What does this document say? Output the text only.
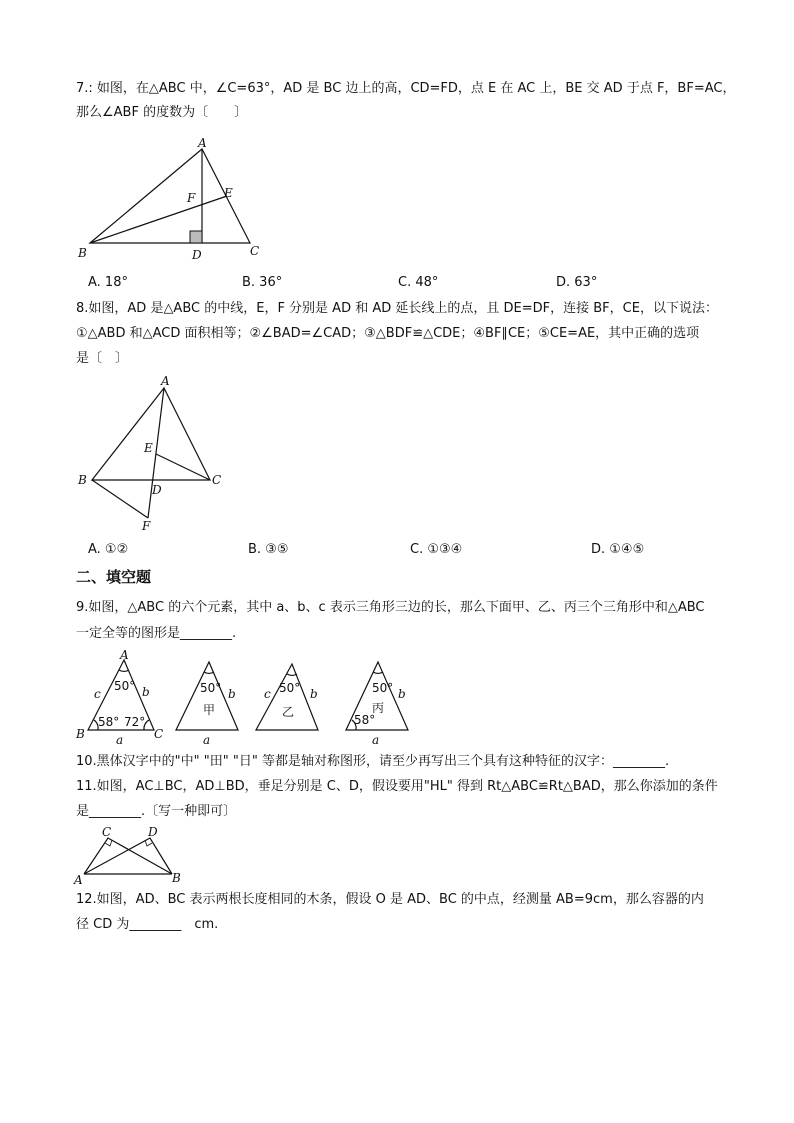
7.: 如图，在△ABC 中，∠C=63°，AD 是 BC 边上的高，CD=FD，点 E 在 AC 上，BE 交 AD 于点 F，BF=AC，
那么∠ABF 的度数为〔　　〕
A
B	C
D
E
F
A. 18°	B. 36°	C. 48°	D. 63°
8.如图，AD 是△ABC 的中线，E，F 分别是 AD 和 AD 延长线上的点，且 DE=DF，连接 BF，CE，以下说法：
①△ABD 和△ACD 面积相等；②∠BAD=∠CAD；③△BDF≌△CDE；④BF∥CE；⑤CE=AE，其中正确的选项
是〔　〕
A
B	C
D
E
F
A. ①②	B. ③⑤	C. ①③④	D. ①④⑤
二、填空题
9.如图，△ABC 的六个元素，其中 a、b、c 表示三角形三边的长，那么下面甲、乙、丙三个三角形中和△ABC
一定全等的图形是________.
A
B	C
c	b
a
50°
58° 72°
50°
甲
b
a
50°
乙
c	b	50°
丙
58°
b
a
10.黑体汉字中的"中" "田" "日" 等都是轴对称图形，请至少再写出三个具有这种特征的汉字：________.
11.如图，AC⊥BC，AD⊥BD，垂足分别是 C、D，假设要用"HL" 得到 Rt△ABC≌Rt△BAD，那么你添加的条件
是________.〔写一种即可〕
A	B
C	D
12.如图，AD、BC 表示两根长度相同的木条，假设 O 是 AD、BC 的中点，经测量 AB=9cm，那么容器的内
径 CD 为________　cm.
